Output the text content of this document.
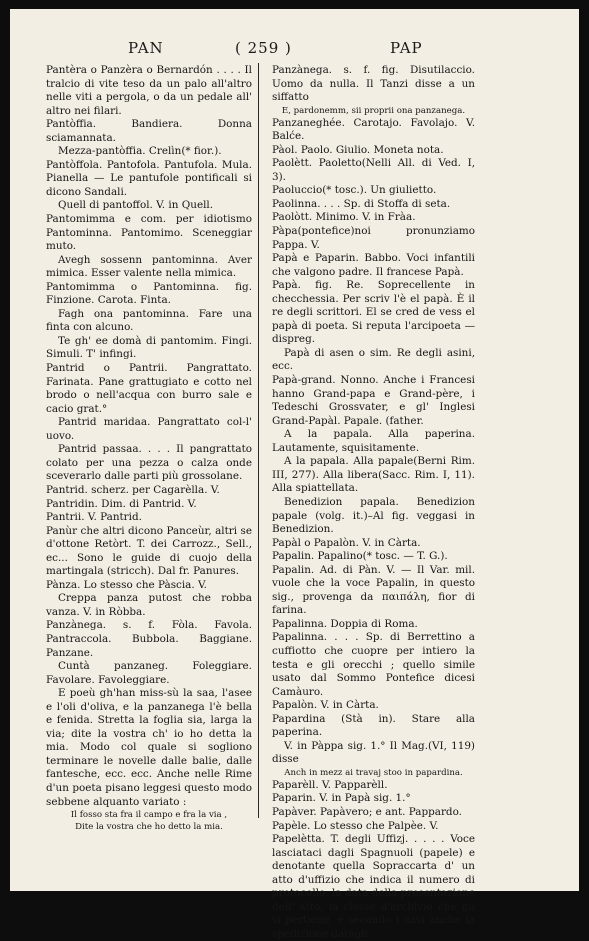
PAN	( 259 )	PAP

Pantèra o Panzèra o Bernardón . . . . Il tralcio di vite teso da un palo all'altro nelle viti a pergola, o da un pedale all' altro nei filari.

Pantòffia. Bandiera. Donna sciamannata.

Mezza-pantòffia. Crelìn(* fior.).

Pantòffola. Pantofola. Pantufola. Mula. Pianella — Le pantufole pontificali si dicono Sandali.

Quell di pantoffol. V. in Quell.

Pantomimma e com. per idiotismo Pantominna. Pantomimo. Sceneggiar muto.

Avegh sossenn pantominna. Aver mimica. Esser valente nella mimica.

Pantomimma o Pantominna. fig. Finzione. Carota. Finta.

Fagh ona pantominna. Fare una finta con alcuno.

Te gh' ee domà di pantomim. Fingi. Simuli. T' infingi.

Pantrid o Pantrii. Pangrattato. Farinata. Pane grattugiato e cotto nel brodo o nell'acqua con burro sale e cacio grat.°

Pantrid maridaa. Pangrattato col-l' uovo.

Pantrid passaa. . . . Il pangrattato colato per una pezza o calza onde sceverarlo dalle parti più grossolane.

Pantrid. scherz. per Cagarèlla. V.

Pantridin. Dim. di Pantrid. V.

Pantrii. V. Pantrid.

Panùr che altri dicono Panceùr, altri se d'ottone Retòrt. T. dei Carrozz., Sell., ec... Sono le guide di cuojo della martingala (stricch). Dal fr. Panures.

Pànza. Lo stesso che Pàscia. V.

Creppa panza putost che robba vanza. V. in Ròbba.

Panzànega. s. f. Fòla. Favola. Pantraccola. Bubbola. Baggiane. Panzane.

Cuntà panzaneg. Foleggiare. Favolare. Favoleggiare.

E poeù gh'han miss-sù la saa, l'asee e l'oli d'oliva, e la panzanega l'è bella e fenida. Stretta la foglia sia, larga la via; dite la vostra ch' io ho detta la mia. Modo col quale si sogliono terminare le novelle dalle balie, dalle fantesche, ecc. ecc. Anche nelle Rime d'un poeta pisano leggesi questo modo sebbene alquanto variato :

Il fosso sta fra il campo e fra la via ,

Dite la vostra che ho detto la mia.

Panzànega. s. f. fig. Disutilaccio. Uomo da nulla. Il Tanzi disse a un siffatto

E, pardonemm, sii proprii ona panzanega.

Panzaneghée. Carotajo. Favolajo. V. Balće.

Pàol. Paolo. Giulio. Moneta nota.

Paolètt. Paoletto(Nelli All. di Ved. I, 3).

Paoluccio(* tosc.). Un giulietto.

Paolinna. . . . Sp. di Stoffa di seta.

Paolòtt. Minimo. V. in Fràa.

Pàpa(pontefice)noi pronunziamo Pappa. V.

Papà e Paparin. Babbo. Voci infantili che valgono padre. Il francese Papà.

Papà. fig. Re. Soprecellente in checchessia. Per scriv l'è el papà. È il re degli scrittori. El se cred de vess el papà di poeta. Si reputa l'arcipoeta — dispreg.

Papà di asen o sim. Re degli asini, ecc.

Papà-grand. Nonno. Anche i Francesi hanno Grand-papa e Grand-père, i Tedeschi Grossvater, e gl' Inglesi Grand-Papàl. Papale. (father.

A la papala. Alla paperina. Lautamente, squisitamente.

A la papala. Alla papale(Berni Rim. III, 277). Alla libera(Sacc. Rim. I, 11). Alla spiattellata.

Benedizion papala. Benedizion papale (volg. it.)–Al fig. veggasi in Benedizion.

Papàl o Papalòn. V. in Càrta.

Papalin. Papalino(* tosc. — T. G.).

Papalin. Ad. di Pàn. V. — Il Var. mil. vuole che la voce Papalin, in questo sig., provenga da παιπάλη, fior di farina.

Papalinna. Doppia di Roma.

Papalinna. . . . Sp. di Berrettino a cuffiotto che cuopre per intiero la testa e gli orecchi ; quello simile usato dal Sommo Pontefice dicesi Camàuro.

Papalòn. V. in Càrta.

Papardina (Stà in). Stare alla paperina.

V. in Pàppa sig. 1.° Il Mag.(VI, 119) disse

Anch in mezz ai travaj stoo in papardina.

Paparèll. V. Papparèll.

Paparin. V. in Papà sig. 1.°

Papàver. Papàvero; e ant. Pappardo.

Papèle. Lo stesso che Palpèe. V.

Papelètta. T. degli Uffizj. . . . . Voce lasciataci dagli Spagnuoli (papele) e denotante quella Sopraccarta d' un atto d'uffizio che indica il numero di protocollo, la data della presentazione dell' atto, la classe d'archivio che gli si pertiene, e secondo i casi anche la spedizione datagli.
